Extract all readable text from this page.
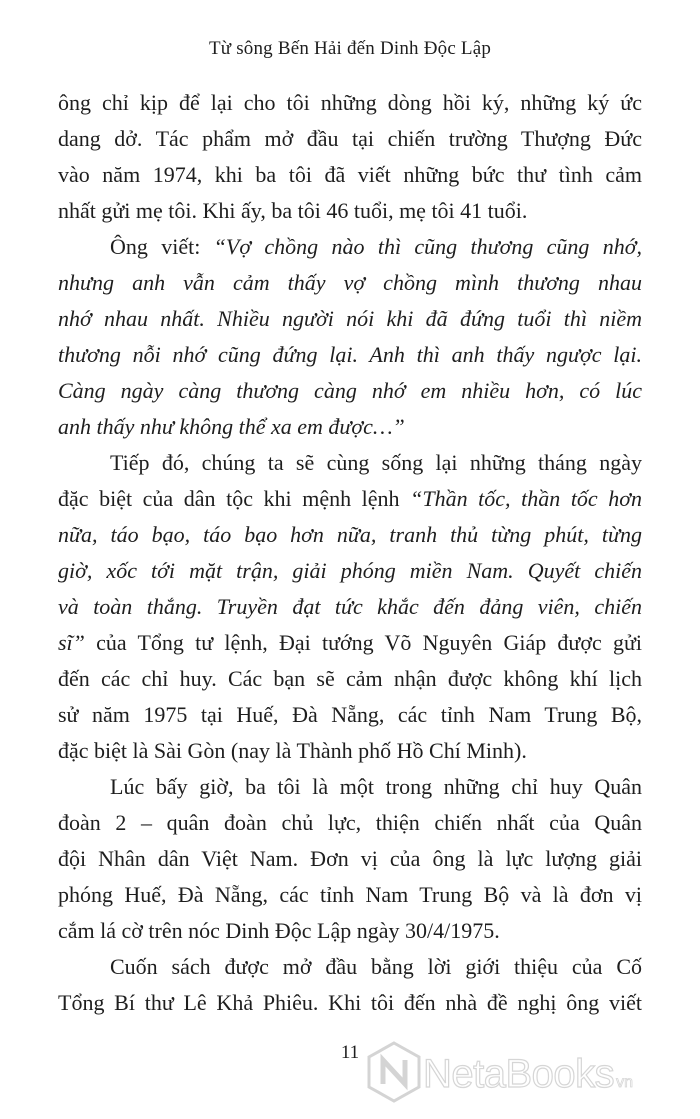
Từ sông Bến Hải đến Dinh Độc Lập
ông chỉ kịp để lại cho tôi những dòng hồi ký, những ký ức
dang dở. Tác phẩm mở đầu tại chiến trường Thượng Đức
vào năm 1974, khi ba tôi đã viết những bức thư tình cảm
nhất gửi mẹ tôi. Khi ấy, ba tôi 46 tuổi, mẹ tôi 41 tuổi.
Ông viết: “Vợ chồng nào thì cũng thương cũng nhớ,
nhưng anh vẫn cảm thấy vợ chồng mình thương nhau
nhớ nhau nhất. Nhiều người nói khi đã đứng tuổi thì niềm
thương nỗi nhớ cũng đứng lại. Anh thì anh thấy ngược lại.
Càng ngày càng thương càng nhớ em nhiều hơn, có lúc
anh thấy như không thể xa em được…”
Tiếp đó, chúng ta sẽ cùng sống lại những tháng ngày
đặc biệt của dân tộc khi mệnh lệnh “Thần tốc, thần tốc hơn
nữa, táo bạo, táo bạo hơn nữa, tranh thủ từng phút, từng
giờ, xốc tới mặt trận, giải phóng miền Nam. Quyết chiến
và toàn thắng. Truyền đạt tức khắc đến đảng viên, chiến
sĩ” của Tổng tư lệnh, Đại tướng Võ Nguyên Giáp được gửi
đến các chỉ huy. Các bạn sẽ cảm nhận được không khí lịch
sử năm 1975 tại Huế, Đà Nẵng, các tỉnh Nam Trung Bộ,
đặc biệt là Sài Gòn (nay là Thành phố Hồ Chí Minh).
Lúc bấy giờ, ba tôi là một trong những chỉ huy Quân
đoàn 2 – quân đoàn chủ lực, thiện chiến nhất của Quân
đội Nhân dân Việt Nam. Đơn vị của ông là lực lượng giải
phóng Huế, Đà Nẵng, các tỉnh Nam Trung Bộ và là đơn vị
cắm lá cờ trên nóc Dinh Độc Lập ngày 30/4/1975.
Cuốn sách được mở đầu bằng lời giới thiệu của Cố
Tổng Bí thư Lê Khả Phiêu. Khi tôi đến nhà đề nghị ông viết
11	NetaBooks vn
